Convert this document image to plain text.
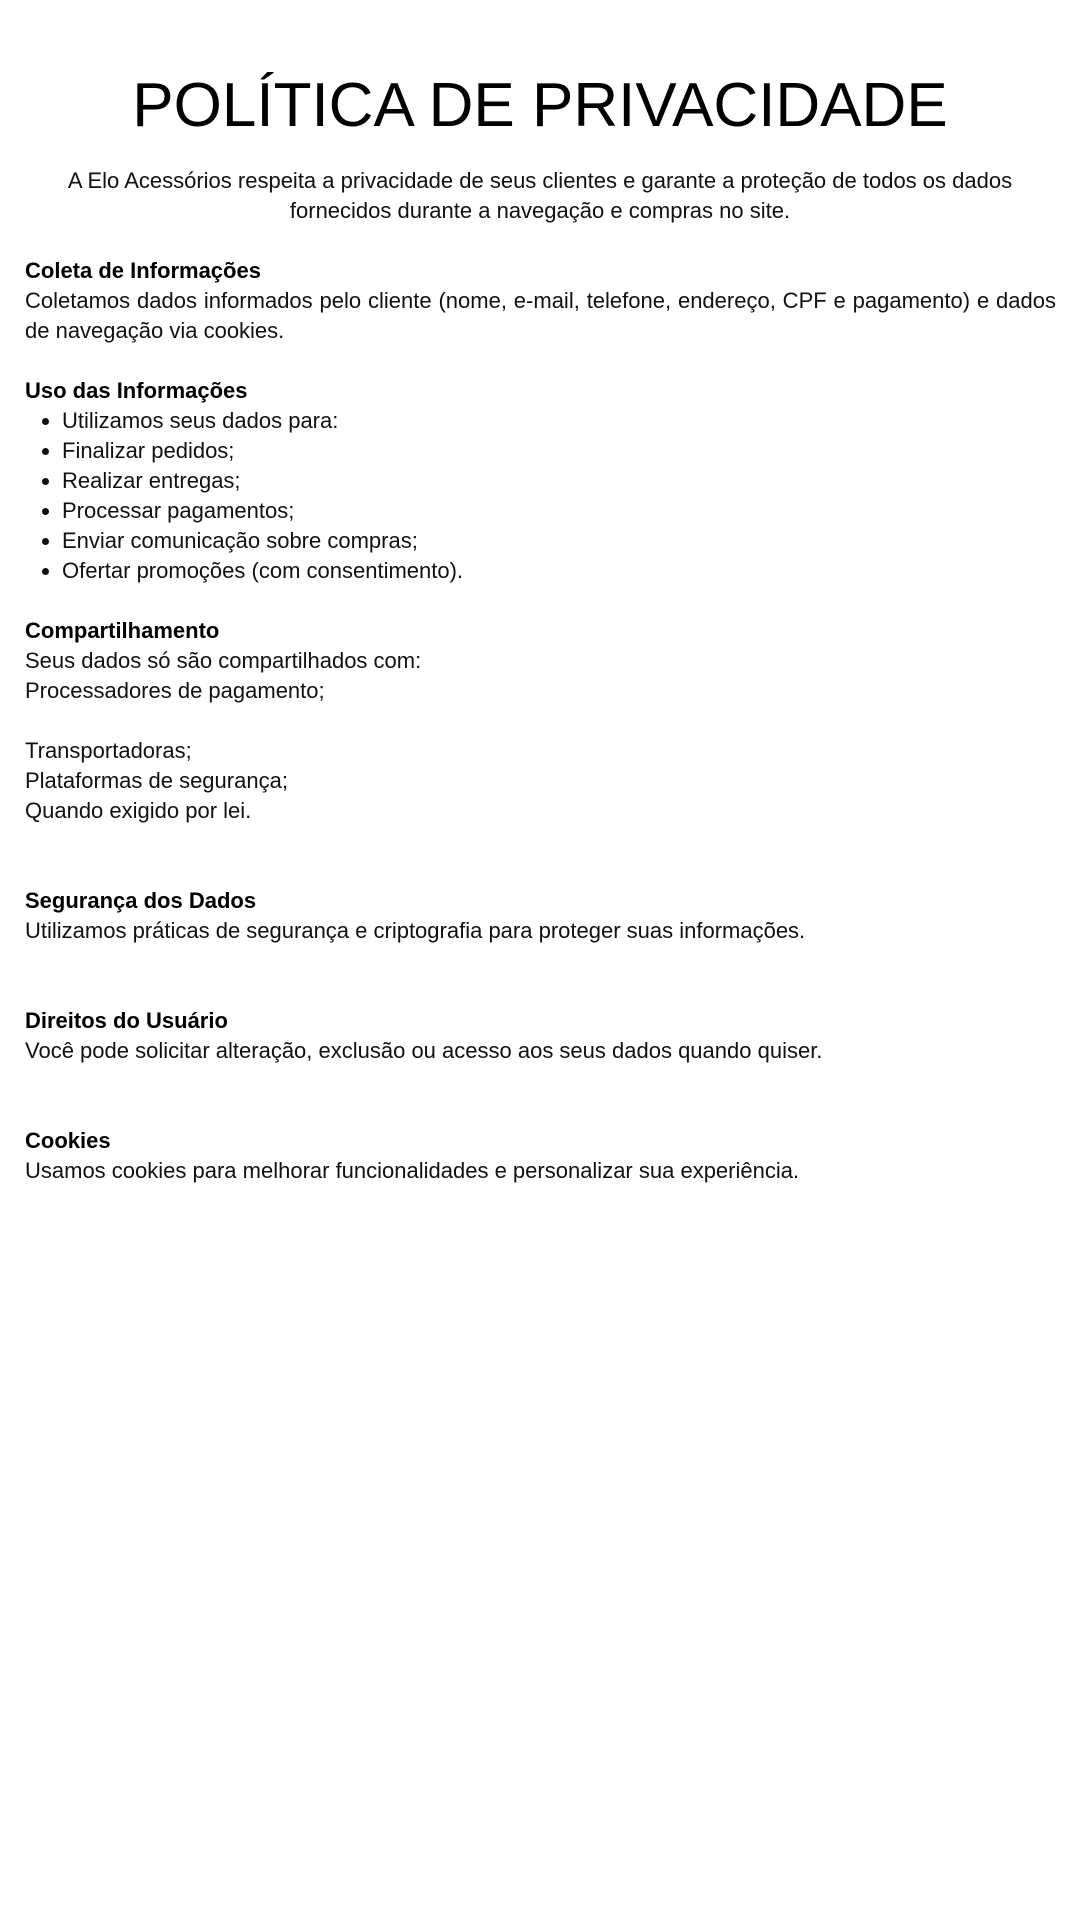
POLÍTICA DE PRIVACIDADE

A Elo Acessórios respeita a privacidade de seus clientes e garante a proteção de todos os dados fornecidos durante a navegação e compras no site.

Coleta de Informações
Coletamos dados informados pelo cliente (nome, e-mail, telefone, endereço, CPF e pagamento) e dados de navegação via cookies.
Uso das Informações
• Utilizamos seus dados para:
• Finalizar pedidos;
• Realizar entregas;
• Processar pagamentos;
• Enviar comunicação sobre compras;
• Ofertar promoções (com consentimento).
Compartilhamento
Seus dados só são compartilhados com:
Processadores de pagamento;
Transportadoras;
Plataformas de segurança;
Quando exigido por lei.
Segurança dos Dados
Utilizamos práticas de segurança e criptografia para proteger suas informações.
Direitos do Usuário
Você pode solicitar alteração, exclusão ou acesso aos seus dados quando quiser.
Cookies
Usamos cookies para melhorar funcionalidades e personalizar sua experiência.
